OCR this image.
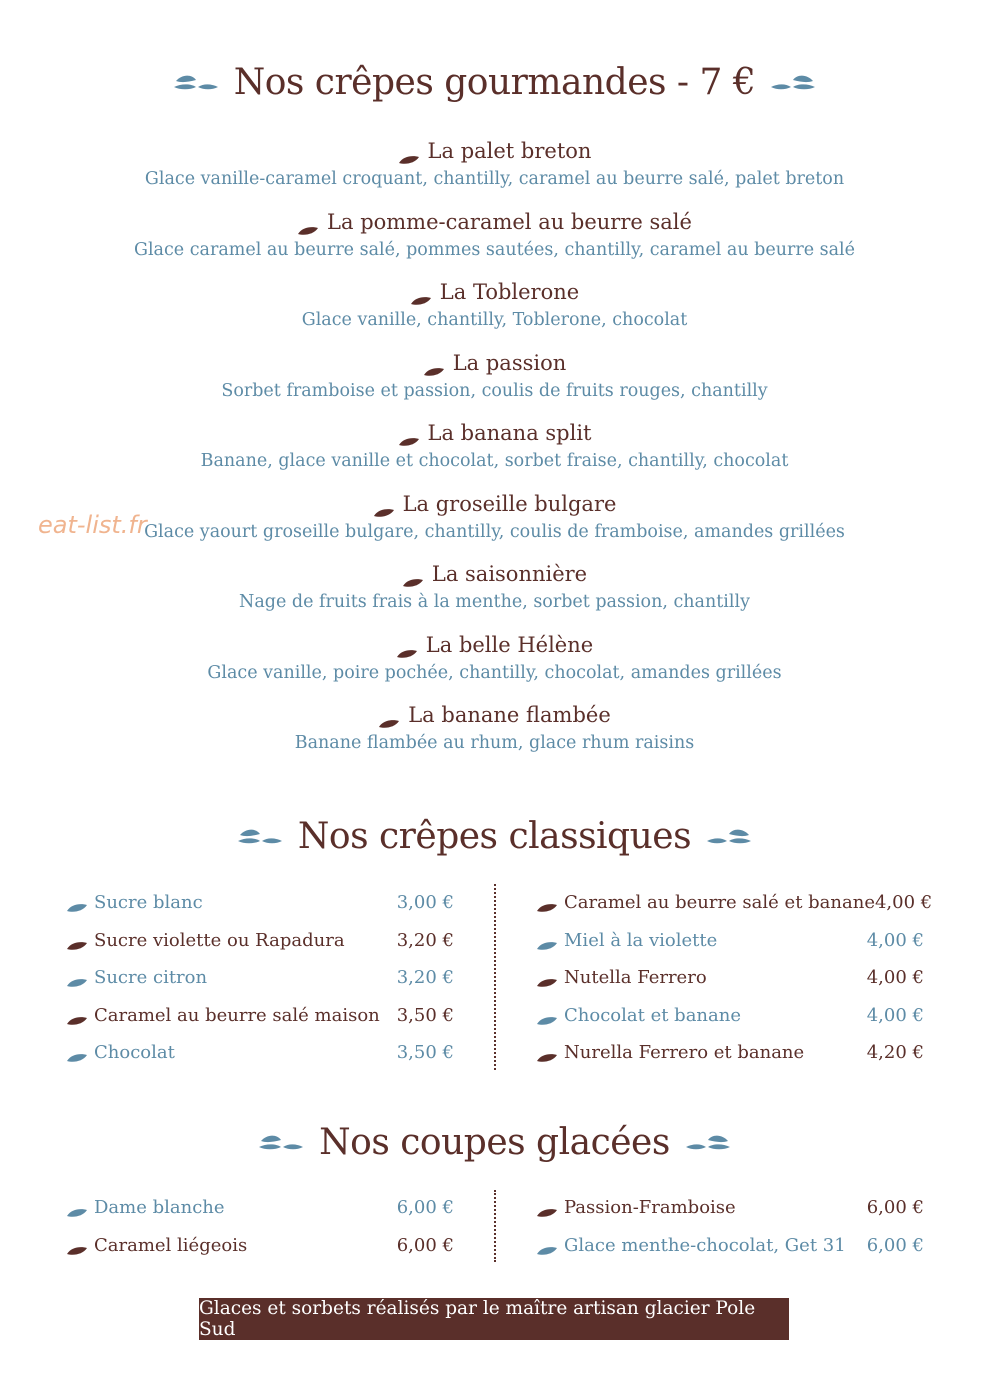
Nos crêpes gourmandes - 7 €
La palet breton
Glace vanille-caramel croquant, chantilly, caramel au beurre salé, palet breton
La pomme-caramel au beurre salé
Glace caramel au beurre salé, pommes sautées, chantilly, caramel au beurre salé
La Toblerone
Glace vanille, chantilly, Toblerone, chocolat
La passion
Sorbet framboise et passion, coulis de fruits rouges, chantilly
La banana split
Banane, glace vanille et chocolat, sorbet fraise, chantilly, chocolat
La groseille bulgare
Glace yaourt groseille bulgare, chantilly, coulis de framboise, amandes grillées
La saisonnière
Nage de fruits frais à la menthe, sorbet passion, chantilly
La belle Hélène
Glace vanille, poire pochée, chantilly, chocolat, amandes grillées
La banane flambée
Banane flambée au rhum, glace rhum raisins
eat-list.fr
Nos crêpes classiques
Sucre blanc	3,00 €
Sucre violette ou Rapadura	3,20 €
Sucre citron	3,20 €
Caramel au beurre salé maison 3,50 €
Chocolat	3,50 €
Caramel au beurre salé et banane 4,00 €
Miel à la violette	4,00 €
Nutella Ferrero	4,00 €
Chocolat et banane	4,00 €
Nurella Ferrero et banane	4,20 €
Nos coupes glacées
Dame blanche	6,00 €
Caramel liégeois	6,00 €
Passion-Framboise	6,00 €
Glace menthe-chocolat, Get 31	6,00 €
Glaces et sorbets réalisés par le maître artisan glacier Pole Sud
